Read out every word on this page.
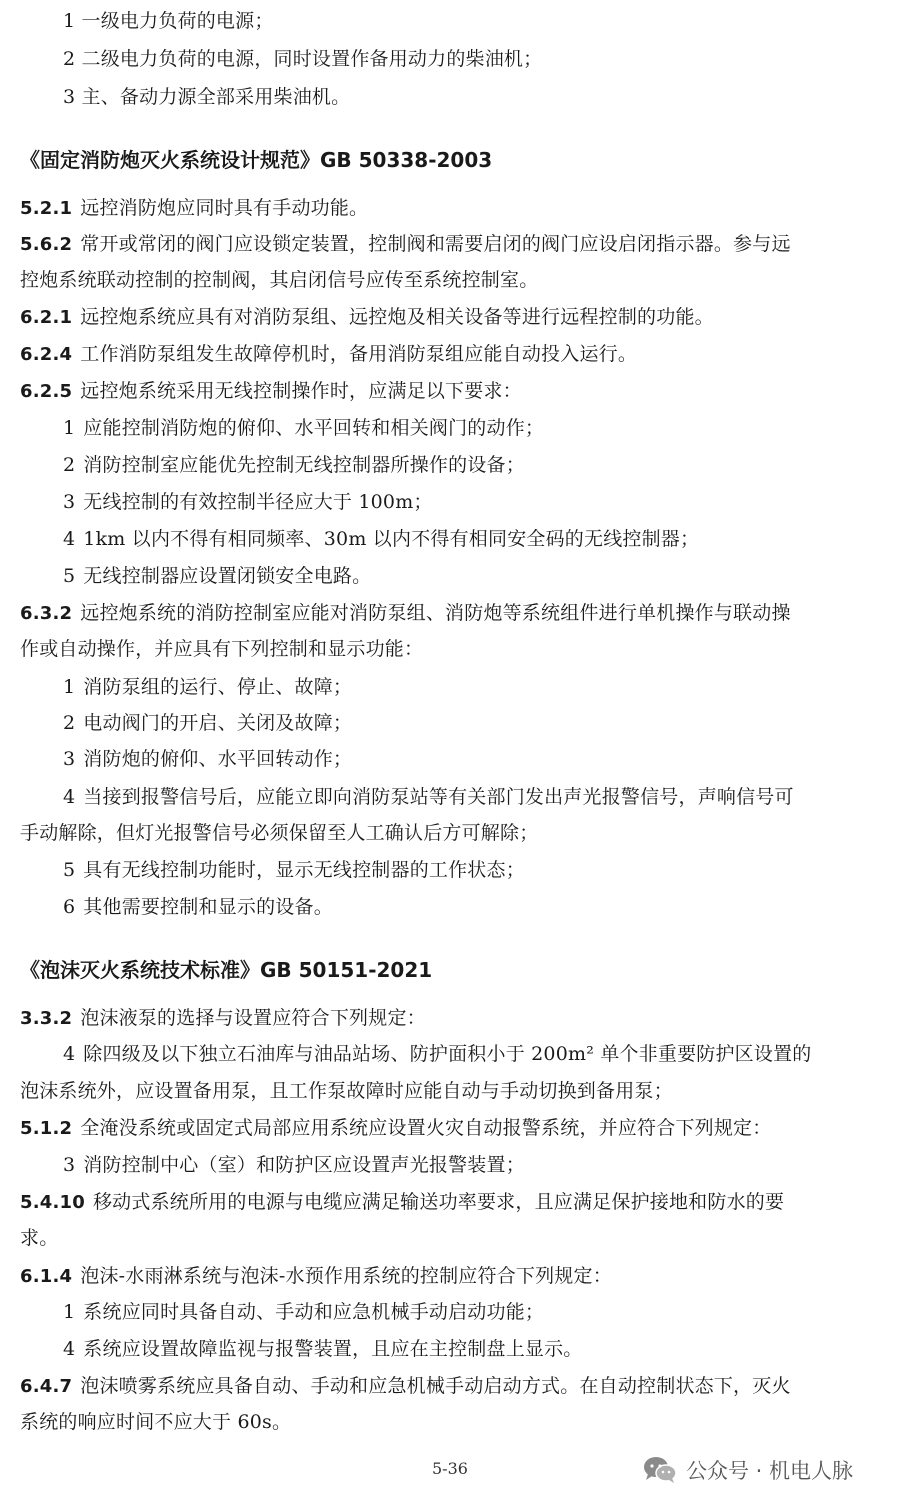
1 一级电力负荷的电源；
2 二级电力负荷的电源，同时设置作备用动力的柴油机；
3 主、备动力源全部采用柴油机。
《固定消防炮灭火系统设计规范》GB 50338-2003
5.2.1 远控消防炮应同时具有手动功能。
5.6.2 常开或常闭的阀门应设锁定装置，控制阀和需要启闭的阀门应设启闭指示器。参与远
控炮系统联动控制的控制阀，其启闭信号应传至系统控制室。
6.2.1 远控炮系统应具有对消防泵组、远控炮及相关设备等进行远程控制的功能。
6.2.4 工作消防泵组发生故障停机时，备用消防泵组应能自动投入运行。
6.2.5 远控炮系统采用无线控制操作时，应满足以下要求：
1 应能控制消防炮的俯仰、水平回转和相关阀门的动作；
2 消防控制室应能优先控制无线控制器所操作的设备；
3 无线控制的有效控制半径应大于 100m；
4 1km 以内不得有相同频率、30m 以内不得有相同安全码的无线控制器；
5 无线控制器应设置闭锁安全电路。
6.3.2 远控炮系统的消防控制室应能对消防泵组、消防炮等系统组件进行单机操作与联动操
作或自动操作，并应具有下列控制和显示功能：
1 消防泵组的运行、停止、故障；
2 电动阀门的开启、关闭及故障；
3 消防炮的俯仰、水平回转动作；
4 当接到报警信号后，应能立即向消防泵站等有关部门发出声光报警信号，声响信号可
手动解除，但灯光报警信号必须保留至人工确认后方可解除；
5 具有无线控制功能时，显示无线控制器的工作状态；
6 其他需要控制和显示的设备。
《泡沫灭火系统技术标准》GB 50151-2021
3.3.2 泡沫液泵的选择与设置应符合下列规定：
4 除四级及以下独立石油库与油品站场、防护面积小于 200m² 单个非重要防护区设置的
泡沫系统外，应设置备用泵，且工作泵故障时应能自动与手动切换到备用泵；
5.1.2 全淹没系统或固定式局部应用系统应设置火灾自动报警系统，并应符合下列规定：
3 消防控制中心（室）和防护区应设置声光报警装置；
5.4.10 移动式系统所用的电源与电缆应满足输送功率要求，且应满足保护接地和防水的要
求。
6.1.4 泡沫-水雨淋系统与泡沫-水预作用系统的控制应符合下列规定：
1 系统应同时具备自动、手动和应急机械手动启动功能；
4 系统应设置故障监视与报警装置，且应在主控制盘上显示。
6.4.7 泡沫喷雾系统应具备自动、手动和应急机械手动启动方式。在自动控制状态下，灭火
系统的响应时间不应大于 60s。
5-36	公众号 · 机电人脉
